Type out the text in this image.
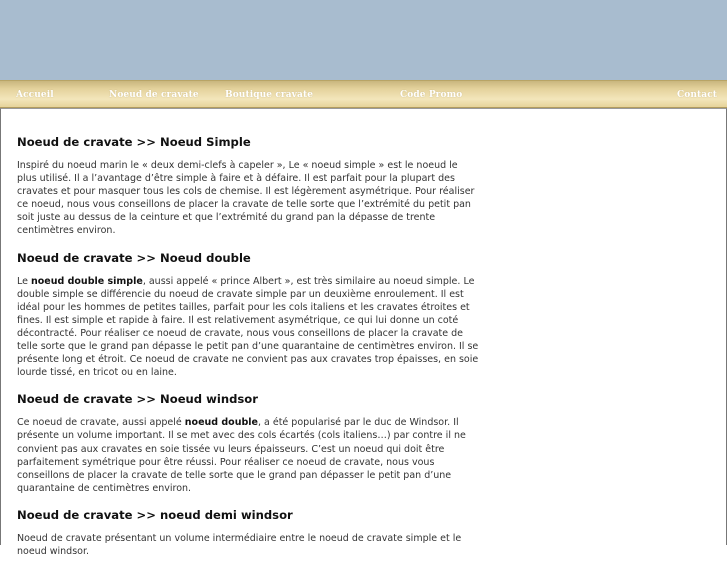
Accueil	Noeud de cravate	Boutique cravate	Code Promo	Contact
Noeud de cravate >> Noeud Simple

Inspiré du noeud marin le « deux demi-clefs à capeler », Le « noeud simple » est le noeud le plus utilisé. Il a l’avantage d’être simple à faire et à défaire. Il est parfait pour la plupart des cravates et pour masquer tous les cols de chemise. Il est légèrement asymétrique. Pour réaliser ce noeud, nous vous conseillons de placer la cravate de telle sorte que l’extrémité du petit pan soit juste au dessus de la ceinture et que l’extrémité du grand pan la dépasse de trente centimètres environ.

Noeud de cravate >> Noeud double

Le noeud double simple, aussi appelé « prince Albert », est très similaire au noeud simple. Le double simple se différencie du noeud de cravate simple par un deuxième enroulement. Il est idéal pour les hommes de petites tailles, parfait pour les cols italiens et les cravates étroites et fines. Il est simple et rapide à faire. Il est relativement asymétrique, ce qui lui donne un coté décontracté. Pour réaliser ce noeud de cravate, nous vous conseillons de placer la cravate de telle sorte que le grand pan dépasse le petit pan d’une quarantaine de centimètres environ. Il se présente long et étroit. Ce noeud de cravate ne convient pas aux cravates trop épaisses, en soie lourde tissé, en tricot ou en laine.

Noeud de cravate >> Noeud windsor

Ce noeud de cravate, aussi appelé noeud double, a été popularisé par le duc de Windsor. Il présente un volume important. Il se met avec des cols écartés (cols italiens…) par contre il ne convient pas aux cravates en soie tissée vu leurs épaisseurs. C’est un noeud qui doit être parfaitement symétrique pour être réussi. Pour réaliser ce noeud de cravate, nous vous conseillons de placer la cravate de telle sorte que le grand pan dépasser le petit pan d’une quarantaine de centimètres environ.

Noeud de cravate >> noeud demi windsor

Noeud de cravate présentant un volume intermédiaire entre le noeud de cravate simple et le noeud windsor.
